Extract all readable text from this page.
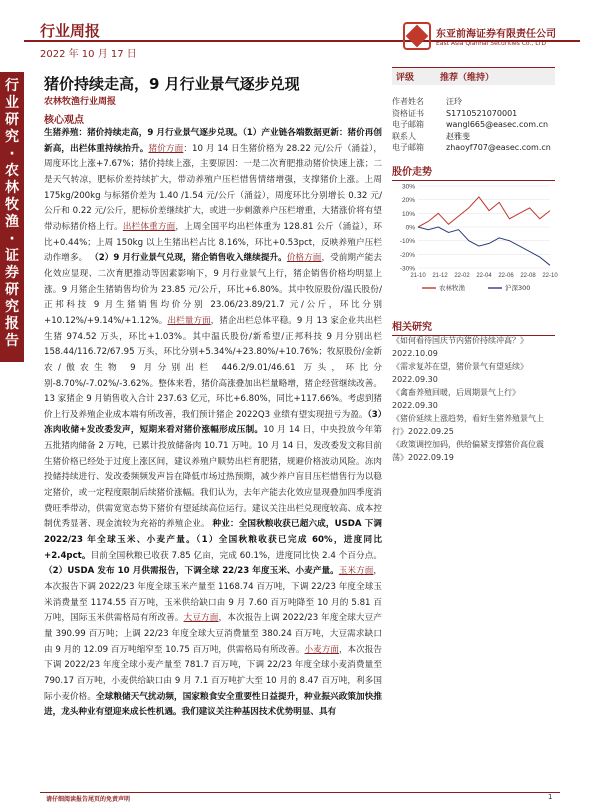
行业研究·农林牧渔·证券研究报告
行业周报
2022 年 10 月 17 日
东亚前海证券有限责任公司
East Asia Qianhai Securities Co., LTD
猪价持续走高，9 月行业景气逐步兑现
农林牧渔行业周报
核心观点
生猪养殖：猪价持续走高，9 月行业景气逐步兑现。（1）产业链各端数据更新：猪价再创新高，出栏体重持续抬升。猪价方面：10 月 14 日生猪价格为 28.22 元/公斤（涌益），周度环比上涨+7.67%；猪价持续上涨，主要原因：一是二次育肥推动猪价快速上涨；二是天气转凉，肥标价差持续扩大，带动养殖户压栏惜售情绪增强，支撑猪价上涨。上周 175kg/200kg 与标猪价差为 1.40 /1.54 元/公斤（涌益），周度环比分别增长 0.32 元/公斤和 0.22 元/公斤，肥标价差继续扩大，或进一步刺激养户压栏增重，大猪涨价将有望带动标猪价格上行。出栏体重方面，上周全国平均出栏体重为 128.81 公斤（涌益），环比+0.44%；上周 150kg 以上生猪出栏占比 8.16%，环比+0.53pct，反映养殖户压栏动作增多。 （2）9 月行业景气兑现，猪企销售收入继续提升。价格方面，受前期产能去化效应显现、二次育肥推动等因素影响下，9 月行业景气上行，猪企销售价格均明显上涨。9 月猪企生猪销售均价为 23.85 元/公斤，环比+6.80%。其中牧原股份/温氏股份/正邦科技 9 月生猪销售均价分别 23.06/23.89/21.7 元/公斤，环比分别+10.12%/+9.14%/+1.12%。出栏量方面，猪企出栏总体平稳。9 月 13 家企业共出栏生猪 974.52 万头，环比+1.03%。其中温氏股份/新希望/正邦科技 9 月分别出栏 158.44/116.72/67.95 万头，环比分别+5.34%/+23.80%/+10.76%；牧原股份/金新农/傲农生物 9 月分别出栏 446.2/9.01/46.61 万头，环比分别-8.70%/-7.02%/-3.62%。整体来看，猪价高涨叠加出栏量略增，猪企经营继续改善。13 家猪企 9 月销售收入合计 237.63 亿元，环比+6.80%，同比+117.66%。考虑到猪价上行及养殖企业成本端有所改善，我们预计猪企 2022Q3 业绩有望实现扭亏为盈。（3）冻肉收储+发改委发声，短期来看对猪价涨幅形成压制。10 月 14 日，中央投放今年第五批猪肉储备 2 万吨，已累计投放储备肉 10.71 万吨。10 月 14 日，发改委发文称目前生猪价格已经处于过度上涨区间，建议养殖户顺势出栏育肥猪，规避价格波动风险。冻肉投储持续进行、发改委频频发声旨在降低市场过热预期，减少养户盲目压栏惜售行为以稳定猪价，或一定程度限制后续猪价涨幅。我们认为，去年产能去化效应显现叠加四季度消费旺季带动，供需宽宽态势下猪价有望延续高位运行。建议关注出栏兑现度较高、成本控制优秀显著、现金流较为充裕的养殖企业。 种业：全国秋粮收获已超六成，USDA 下调 2022/23 年全球玉米、小麦产量。（1）全国秋粮收获已完成 60%，进度同比+2.4pct。目前全国秋粮已收获 7.85 亿亩，完成 60.1%，进度同比快 2.4 个百分点。（2）USDA 发布 10 月供需报告，下调全球 22/23 年度玉米、小麦产量。玉米方面，本次报告下调 2022/23 年度全球玉米产量至 1168.74 百万吨，下调 22/23 年度全球玉米消费量至 1174.55 百万吨，玉米供给缺口由 9 月 7.60 百万吨降至 10 月的 5.81 百万吨，国际玉米供需格局有所改善。大豆方面，本次报告上调 2022/23 年度全球大豆产量 390.99 百万吨；上调 22/23 年度全球大豆消费量至 380.24 百万吨，大豆需求缺口由 9 月的 12.09 百万吨缩窄至 10.75 百万吨，供需格局有所改善。小麦方面，本次报告下调 2022/23 年度全球小麦产量至 781.7 百万吨，下调 22/23 年度全球小麦消费量至 790.17 百万吨，小麦供给缺口由 9 月 7.1 百万吨扩大至 10 月的 8.47 百万吨，利多国际小麦价格。全球粮储天气扰动频，国家粮食安全重要性日益提升，种业振兴政策加快推进，龙头种业有望迎来成长性机遇。我们建议关注种基因技术优势明显、具有
评级	推荐（维持）
作者姓名	汪玲
资格证书	S1710521070001
电子邮箱	wangl665@easec.com.cn
联系人	赵雅斐
电子邮箱	zhaoyf707@easec.com.cn
股价走势
30%
20%
10%
0%
-10%
-20%
-30%
21-10 21-12 22-02 22-04 22-06 22-08 22-10
农林牧渔	沪深300
相关研究
《如何看待国庆节内猪价持续冲高？》2022.10.09
《需求复苏在望，猪价景气有望延续》2022.09.30
《禽畜养殖回暖，后周期景气上行》2022.09.30
《猪价延续上涨趋势，看好生猪养殖景气上行》2022.09.25
《政策调控加码，供给偏紧支撑猪价高位震荡》2022.09.19
请仔细阅读报告尾页的免责声明	1
